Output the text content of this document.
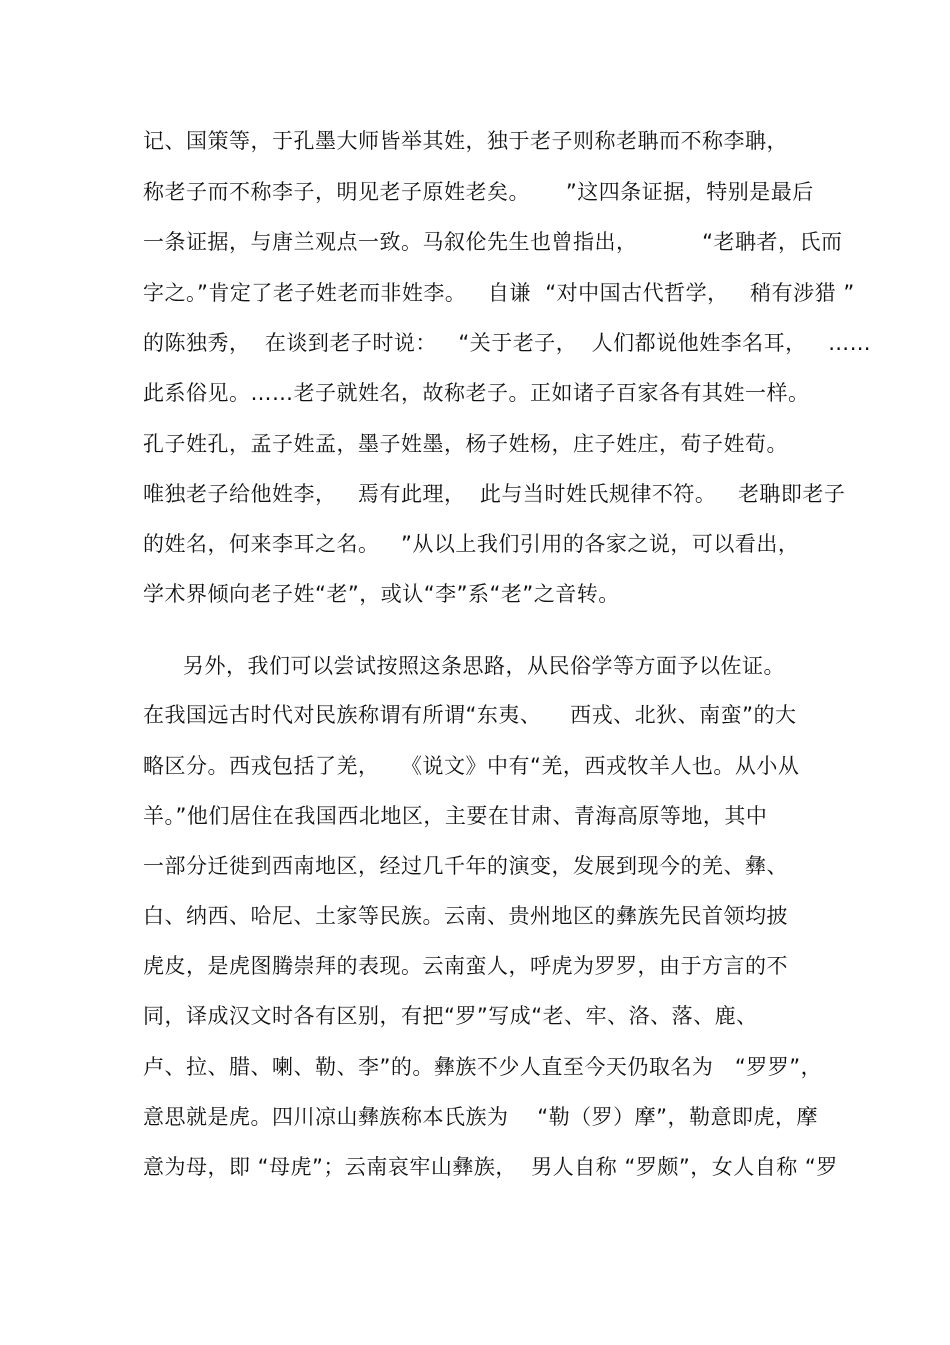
记、国策等，于孔墨大师皆举其姓，独于老子则称老聃而不称李聃，
称老子而不称李子，明见老子原姓老矣。     ”这四条证据，特别是最后
一条证据，与唐兰观点一致。马叙伦先生也曾指出，         “老聃者，氏而
字之。”肯定了老子姓老而非姓李。   自谦  “对中国古代哲学，   稍有涉猎 ”
的陈独秀，  在谈到老子时说：   “关于老子，  人们都说他姓李名耳，   ……
此系俗见。……老子就姓名，故称老子。正如诸子百家各有其姓一样。
孔子姓孔，孟子姓孟，墨子姓墨，杨子姓杨，庄子姓庄，荀子姓荀。
唯独老子给他姓李，   焉有此理，  此与当时姓氏规律不符。   老聃即老子
的姓名，何来李耳之名。   ”从以上我们引用的各家之说，可以看出，
学术界倾向老子姓“老”，或认“李”系“老”之音转。
另外，我们可以尝试按照这条思路，从民俗学等方面予以佐证。
在我国远古时代对民族称谓有所谓“东夷、    西戎、北狄、南蛮”的大
略区分。西戎包括了羌，   《说文》中有“羌，西戎牧羊人也。从小从
羊。”他们居住在我国西北地区，主要在甘肃、青海高原等地，其中
一部分迁徙到西南地区，经过几千年的演变，发展到现今的羌、彝、
白、纳西、哈尼、土家等民族。云南、贵州地区的彝族先民首领均披
虎皮，是虎图腾崇拜的表现。云南蛮人，呼虎为罗罗，由于方言的不
同，译成汉文时各有区别，有把“罗”写成“老、牢、洛、落、鹿、
卢、拉、腊、喇、勒、李”的。彝族不少人直至今天仍取名为   “罗罗”，
意思就是虎。四川凉山彝族称本氏族为    “勒（罗）摩”，勒意即虎，摩
意为母，即 “母虎”；云南哀牢山彝族，  男人自称 “罗颇”，女人自称 “罗
